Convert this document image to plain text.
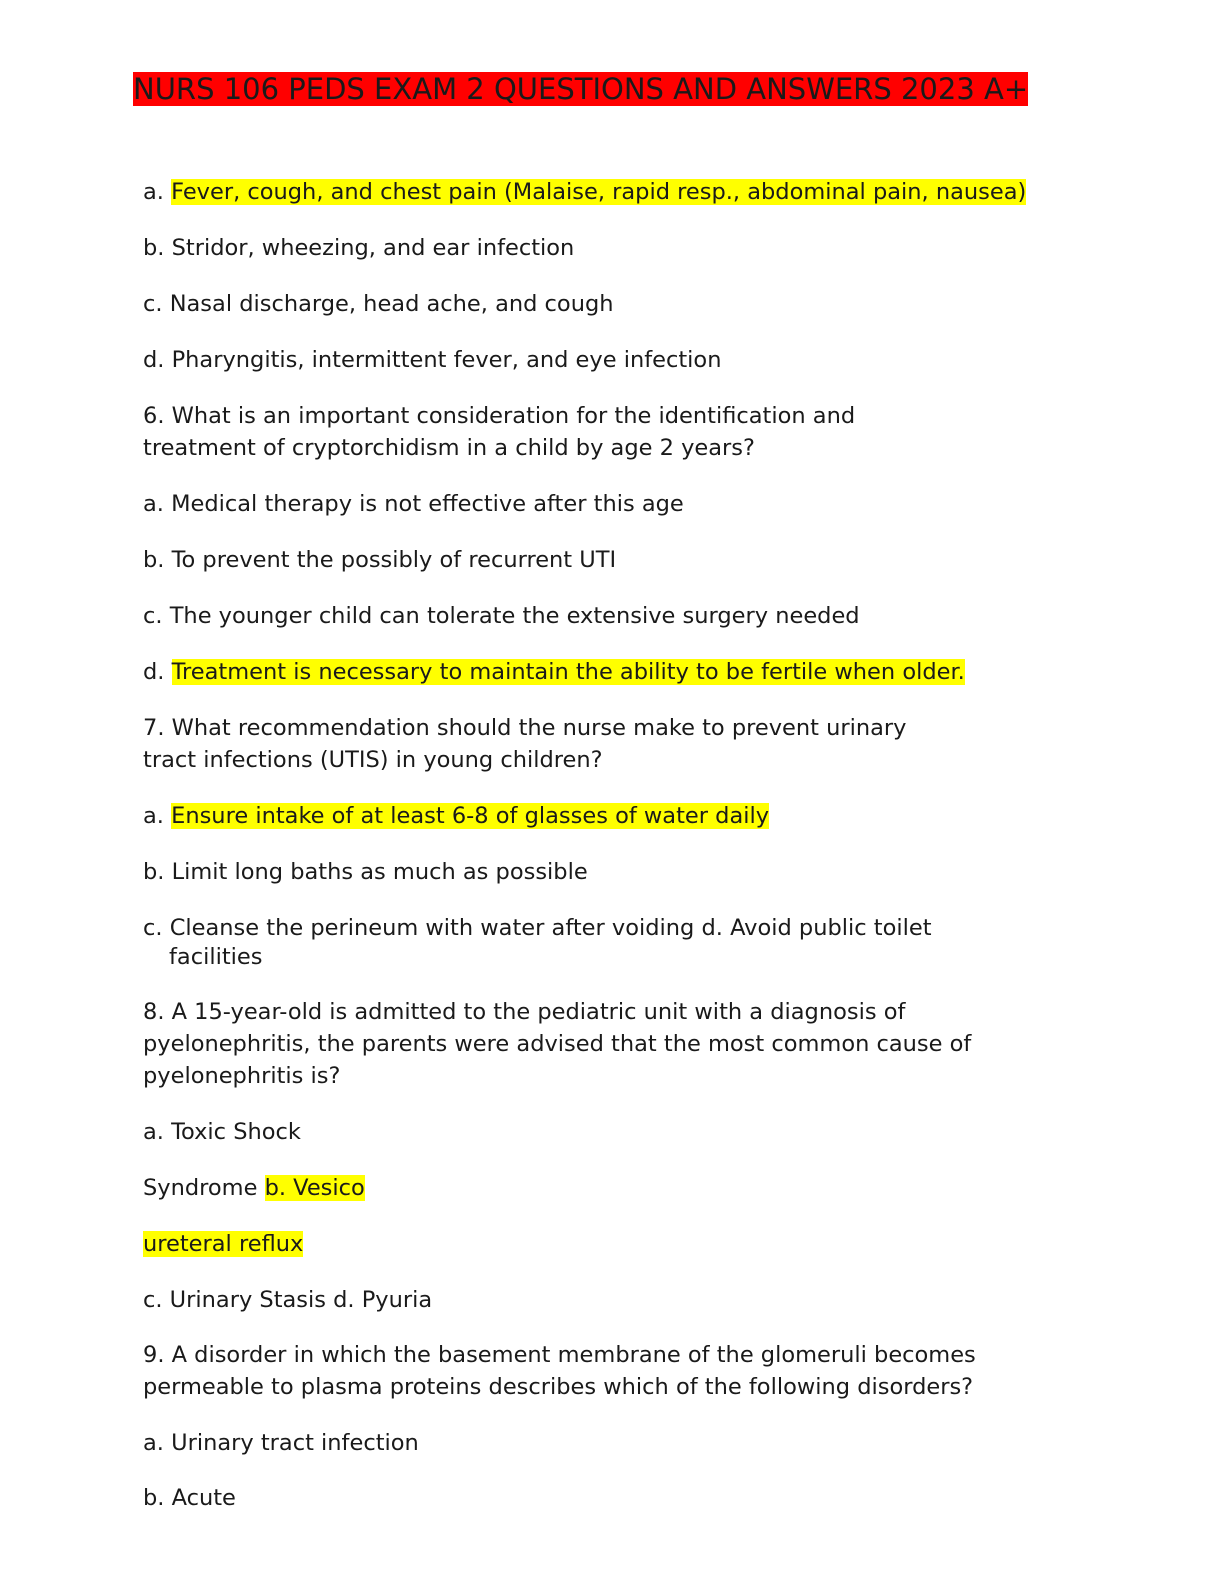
NURS 106 PEDS EXAM 2 QUESTIONS AND ANSWERS 2023 A+
a. Fever, cough, and chest pain (Malaise, rapid resp., abdominal pain, nausea)
b. Stridor, wheezing, and ear infection
c. Nasal discharge, head ache, and cough
d. Pharyngitis, intermittent fever, and eye infection
6. What is an important consideration for the identification and
treatment of cryptorchidism in a child by age 2 years?
a. Medical therapy is not effective after this age
b. To prevent the possibly of recurrent UTI
c. The younger child can tolerate the extensive surgery needed
d. Treatment is necessary to maintain the ability to be fertile when older.
7. What recommendation should the nurse make to prevent urinary
tract infections (UTIS) in young children?
a. Ensure intake of at least 6-8 of glasses of water daily
b. Limit long baths as much as possible
c. Cleanse the perineum with water after voiding d. Avoid public toilet
facilities
8. A 15-year-old is admitted to the pediatric unit with a diagnosis of
pyelonephritis, the parents were advised that the most common cause of
pyelonephritis is?
a. Toxic Shock
Syndrome b. Vesico
ureteral reflux
c. Urinary Stasis d. Pyuria
9. A disorder in which the basement membrane of the glomeruli becomes
permeable to plasma proteins describes which of the following disorders?
a. Urinary tract infection
b. Acute
